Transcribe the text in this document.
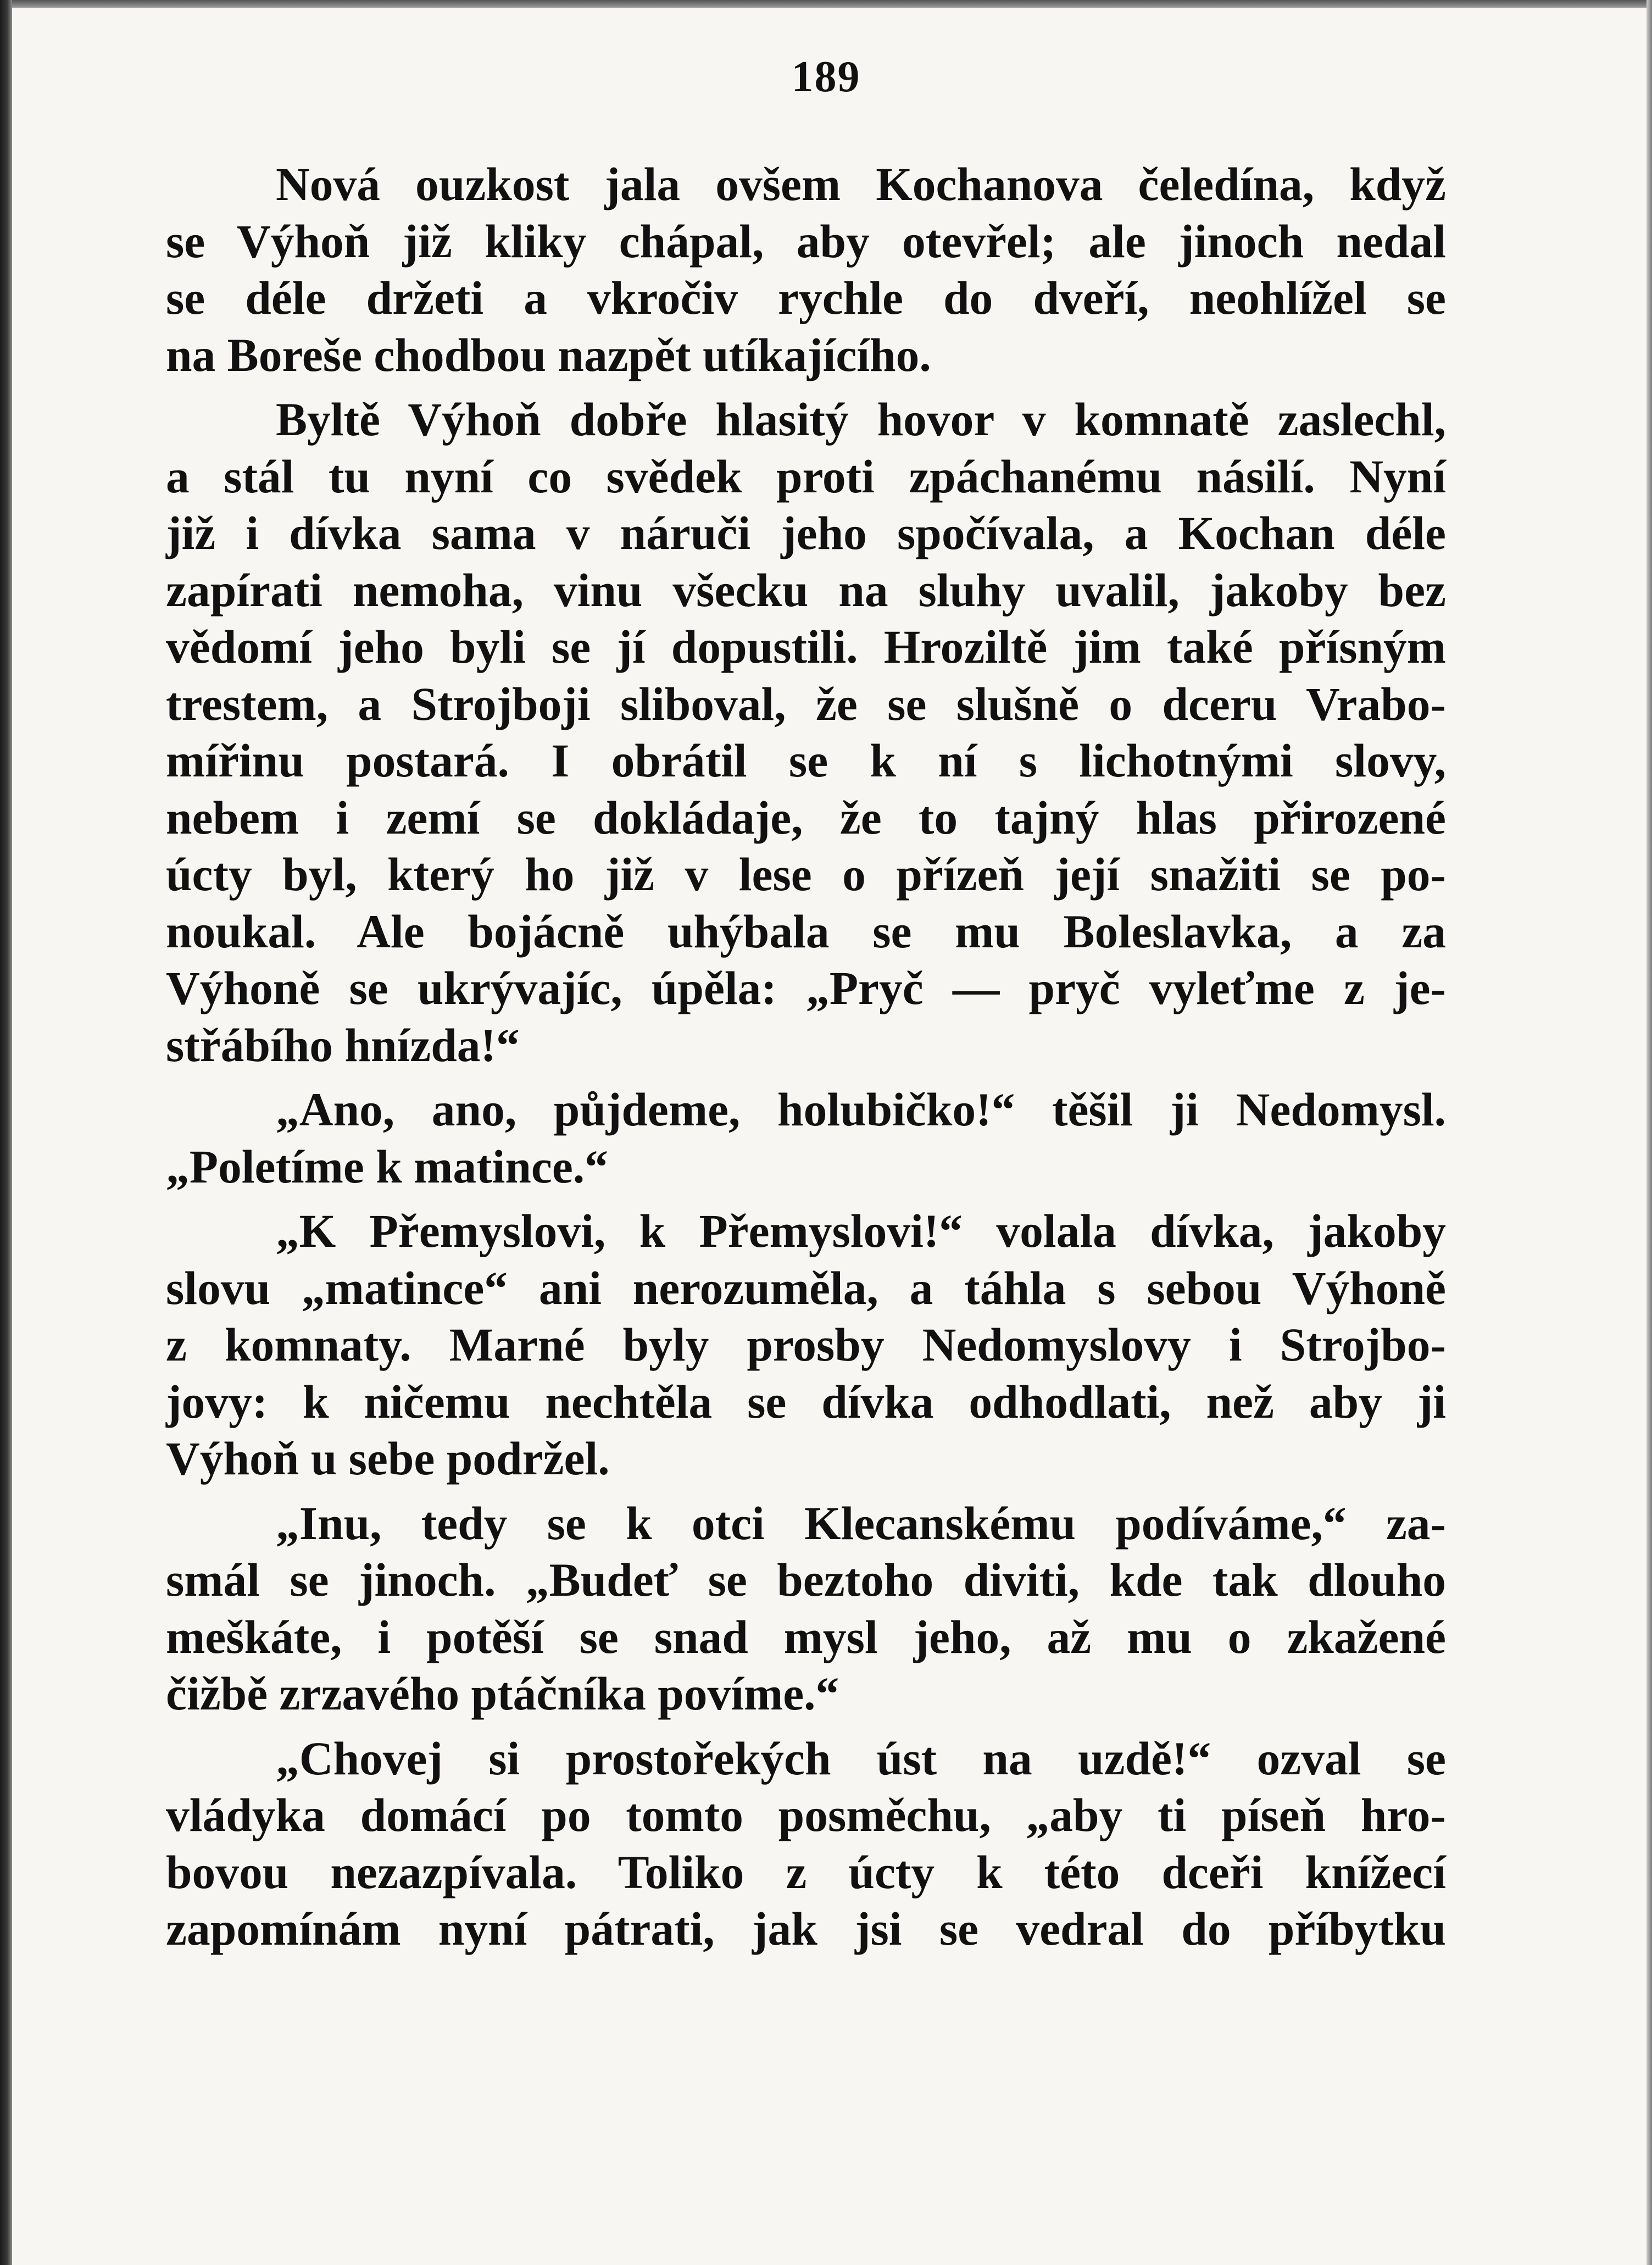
189

Nová ouzkost jala ovšem Kochanova čeledína, když
se Výhoň již kliky chápal, aby otevřel; ale jinoch nedal
se déle držeti a vkročiv rychle do dveří, neohlížel se
na Boreše chodbou nazpět utíkajícího.

Byltě Výhoň dobře hlasitý hovor v komnatě zaslechl,
a stál tu nyní co svědek proti zpáchanému násilí. Nyní
již i dívka sama v náruči jeho spočívala, a Kochan déle
zapírati nemoha, vinu všecku na sluhy uvalil, jakoby bez
vědomí jeho byli se jí dopustili. Hroziltě jim také přísným
trestem, a Strojboji sliboval, že se slušně o dceru Vrabo-
mířinu postará. I obrátil se k ní s lichotnými slovy,
nebem i zemí se dokládaje, že to tajný hlas přirozené
úcty byl, který ho již v lese o přízeň její snažiti se po-
noukal. Ale bojácně uhýbala se mu Boleslavka, a za
Výhoně se ukrývajíc, úpěla: „Pryč — pryč vyleťme z je-
střábího hnízda!“

„Ano, ano, půjdeme, holubičko!“ těšil ji Nedomysl.
„Poletíme k matince.“

„K Přemyslovi, k Přemyslovi!“ volala dívka, jakoby
slovu „matince“ ani nerozuměla, a táhla s sebou Výhoně
z komnaty. Marné byly prosby Nedomyslovy i Strojbo-
jovy: k ničemu nechtěla se dívka odhodlati, než aby ji
Výhoň u sebe podržel.

„Inu, tedy se k otci Klecanskému podíváme,“ za-
smál se jinoch. „Budeť se beztoho diviti, kde tak dlouho
meškáte, i potěší se snad mysl jeho, až mu o zkažené
čižbě zrzavého ptáčníka povíme.“

„Chovej si prostořekých úst na uzdě!“ ozval se
vládyka domácí po tomto posměchu, „aby ti píseň hro-
bovou nezazpívala. Toliko z úcty k této dceři knížecí
zapomínám nyní pátrati, jak jsi se vedral do příbytku
